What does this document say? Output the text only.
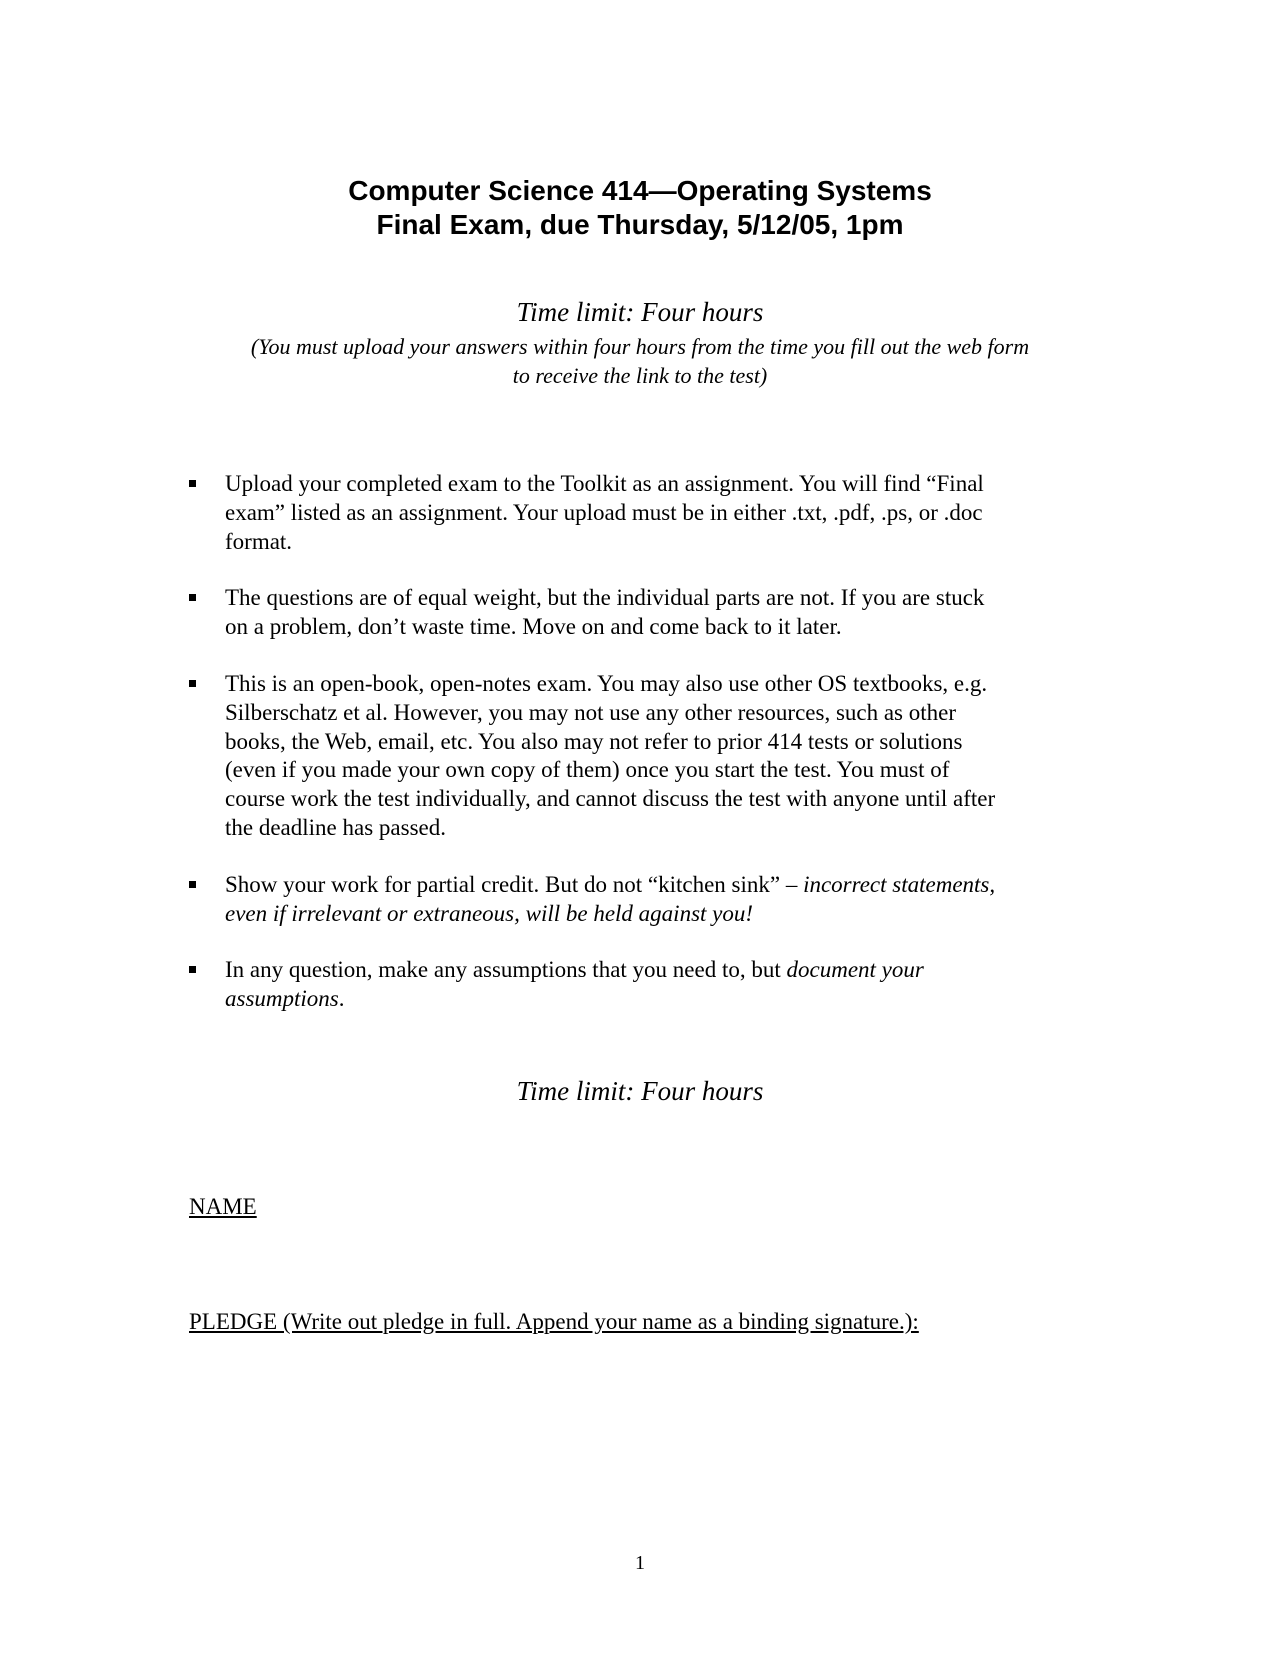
Computer Science 414—Operating Systems
Final Exam, due Thursday, 5/12/05, 1pm
Time limit: Four hours
(You must upload your answers within four hours from the time you fill out the web form
to receive the link to the test)
Upload your completed exam to the Toolkit as an assignment. You will find “Final
exam” listed as an assignment. Your upload must be in either .txt, .pdf, .ps, or .doc
format.
The questions are of equal weight, but the individual parts are not. If you are stuck
on a problem, don’t waste time. Move on and come back to it later.
This is an open-book, open-notes exam. You may also use other OS textbooks, e.g.
Silberschatz et al. However, you may not use any other resources, such as other
books, the Web, email, etc. You also may not refer to prior 414 tests or solutions
(even if you made your own copy of them) once you start the test. You must of
course work the test individually, and cannot discuss the test with anyone until after
the deadline has passed.
Show your work for partial credit. But do not “kitchen sink” – incorrect statements,
even if irrelevant or extraneous, will be held against you!
In any question, make any assumptions that you need to, but document your
assumptions.
Time limit: Four hours
NAME
PLEDGE (Write out pledge in full. Append your name as a binding signature.):
1
